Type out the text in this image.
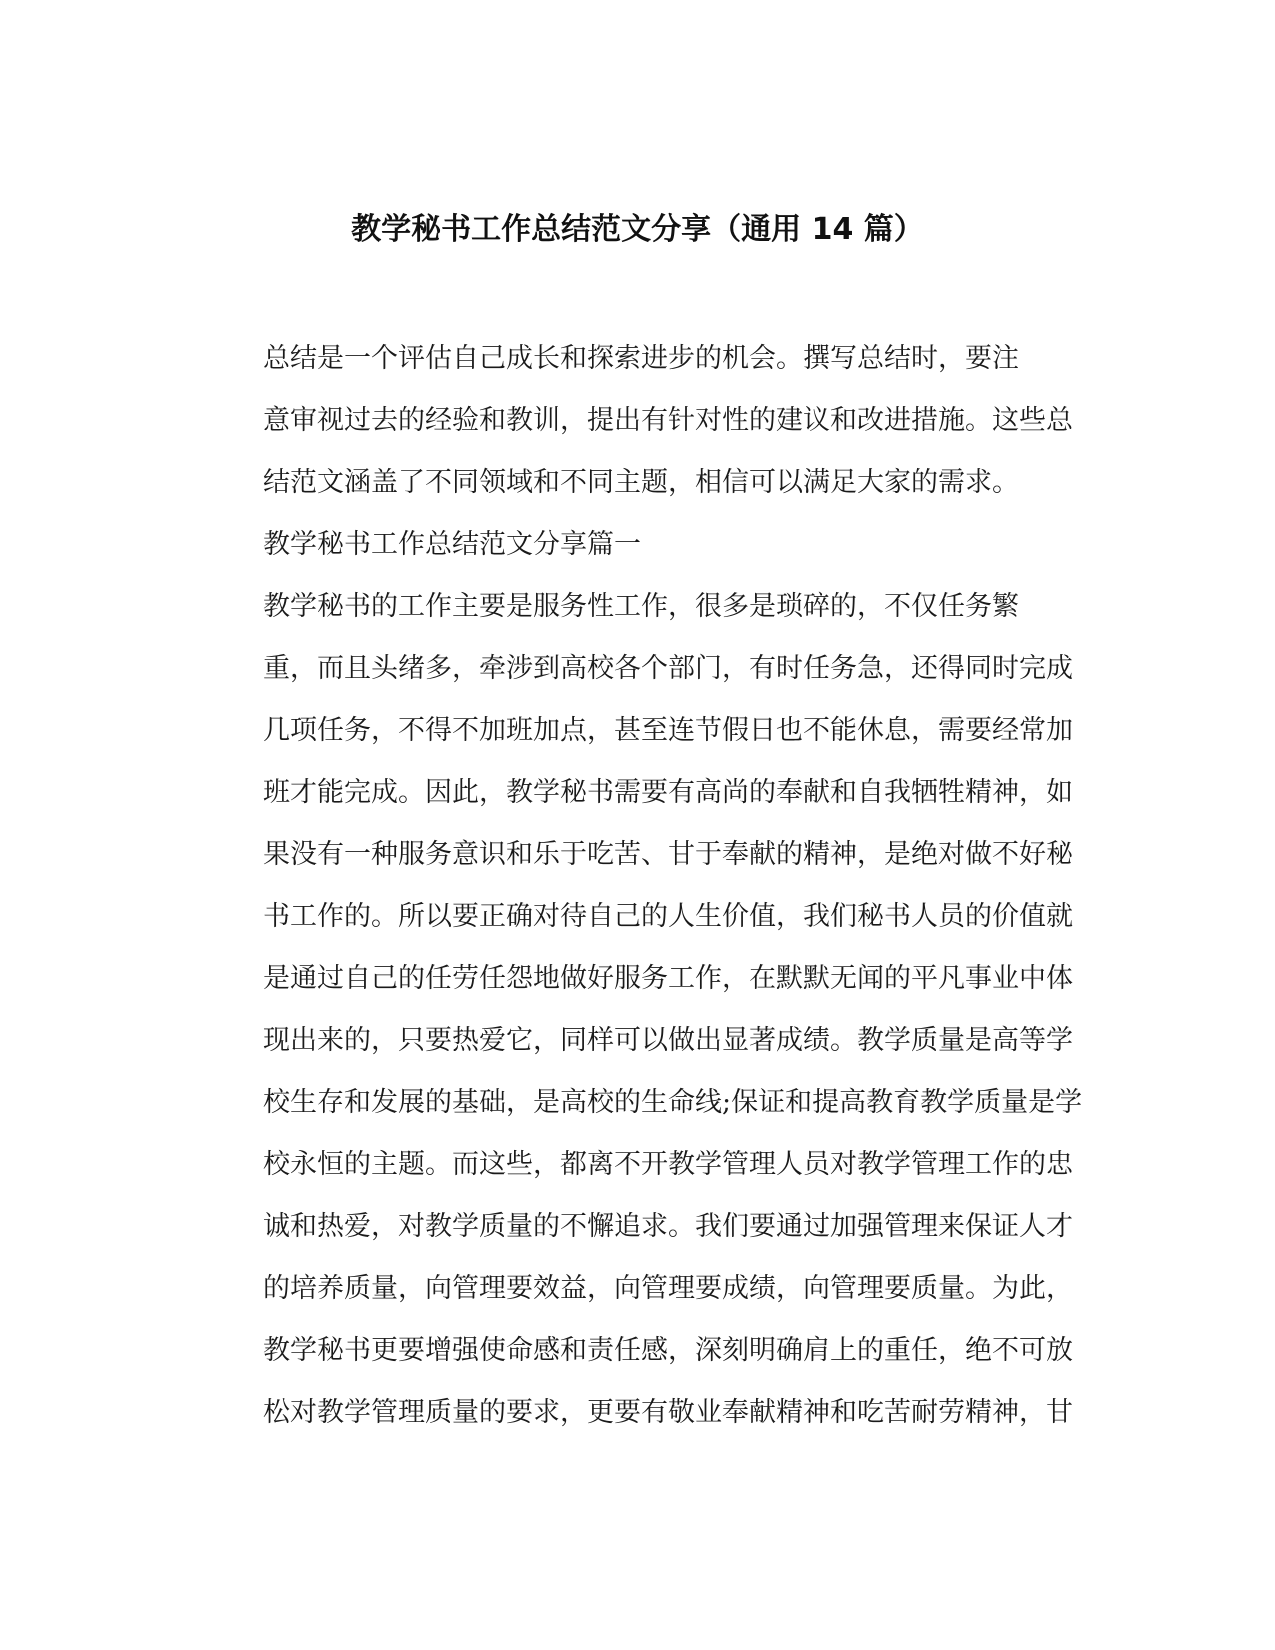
教学秘书工作总结范文分享（通用 14 篇）

总结是一个评估自己成长和探索进步的机会。撰写总结时，要注
意审视过去的经验和教训，提出有针对性的建议和改进措施。这些总
结范文涵盖了不同领域和不同主题，相信可以满足大家的需求。

教学秘书工作总结范文分享篇一

教学秘书的工作主要是服务性工作，很多是琐碎的，不仅任务繁
重，而且头绪多，牵涉到高校各个部门，有时任务急，还得同时完成
几项任务，不得不加班加点，甚至连节假日也不能休息，需要经常加
班才能完成。因此，教学秘书需要有高尚的奉献和自我牺牲精神，如
果没有一种服务意识和乐于吃苦、甘于奉献的精神，是绝对做不好秘
书工作的。所以要正确对待自己的人生价值，我们秘书人员的价值就
是通过自己的任劳任怨地做好服务工作，在默默无闻的平凡事业中体
现出来的，只要热爱它，同样可以做出显著成绩。教学质量是高等学
校生存和发展的基础，是高校的生命线;保证和提高教育教学质量是学
校永恒的主题。而这些，都离不开教学管理人员对教学管理工作的忠
诚和热爱，对教学质量的不懈追求。我们要通过加强管理来保证人才
的培养质量，向管理要效益，向管理要成绩，向管理要质量。为此，
教学秘书更要增强使命感和责任感，深刻明确肩上的重任，绝不可放
松对教学管理质量的要求，更要有敬业奉献精神和吃苦耐劳精神，甘
